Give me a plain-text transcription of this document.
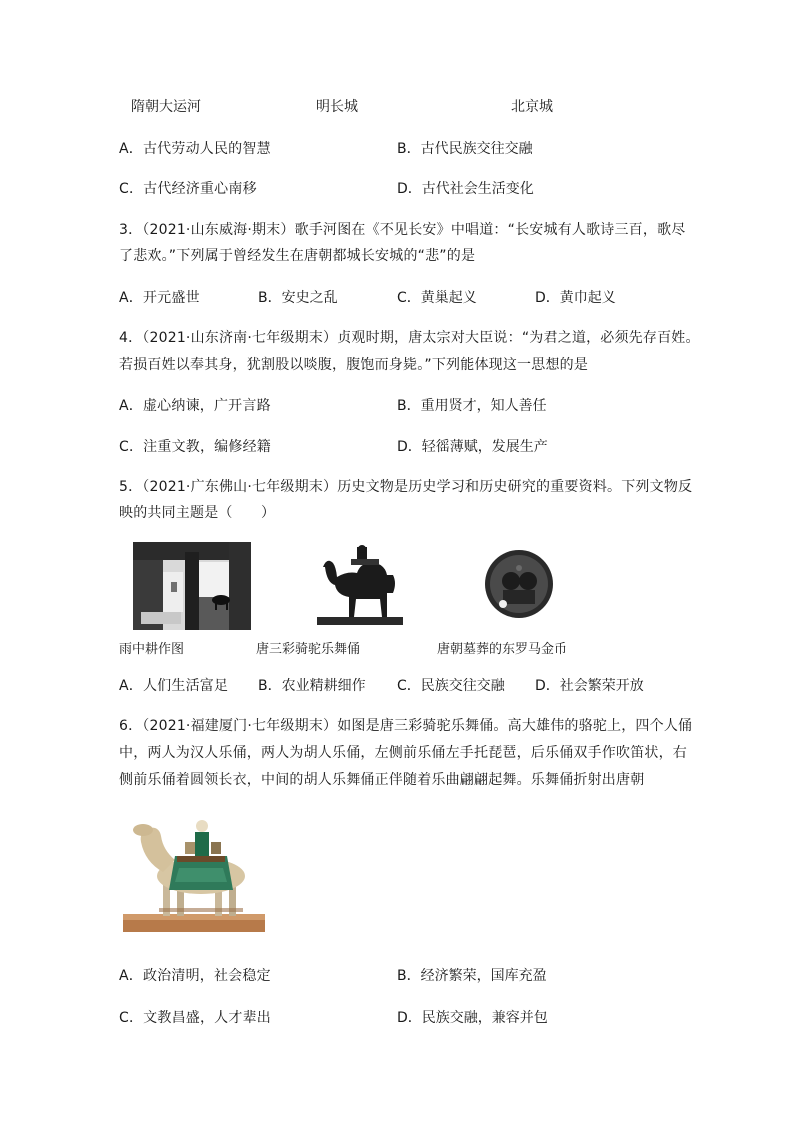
隋朝大运河	明长城	北京城
A．古代劳动人民的智慧	B．古代民族交往交融
C．古代经济重心南移	D．古代社会生活变化
3．（2021·山东威海·期末）歌手河图在《不见长安》中唱道：“长安城有人歌诗三百，歌尽
了悲欢。”下列属于曾经发生在唐朝都城长安城的“悲”的是
A．开元盛世	B．安史之乱	C．黄巢起义	D．黄巾起义
4．（2021·山东济南·七年级期末）贞观时期，唐太宗对大臣说：“为君之道，必须先存百姓。
若损百姓以奉其身，犹割股以啖腹，腹饱而身毙。”下列能体现这一思想的是
A．虚心纳谏，广开言路	B．重用贤才，知人善任
C．注重文教，编修经籍	D．轻徭薄赋，发展生产
5．（2021·广东佛山·七年级期末）历史文物是历史学习和历史研究的重要资料。下列文物反
映的共同主题是（　　）
雨中耕作图	唐三彩骑驼乐舞俑	唐朝墓葬的东罗马金币
A．人们生活富足 B．农业精耕细作 C．民族交往交融 D．社会繁荣开放
6．（2021·福建厦门·七年级期末）如图是唐三彩骑驼乐舞俑。高大雄伟的骆驼上，四个人俑
中，两人为汉人乐俑，两人为胡人乐俑，左侧前乐俑左手托琵琶，后乐俑双手作吹笛状，右
侧前乐俑着圆领长衣，中间的胡人乐舞俑正伴随着乐曲翩翩起舞。乐舞俑折射出唐朝
A．政治清明，社会稳定	B．经济繁荣，国库充盈
C．文教昌盛，人才辈出	D．民族交融，兼容并包
